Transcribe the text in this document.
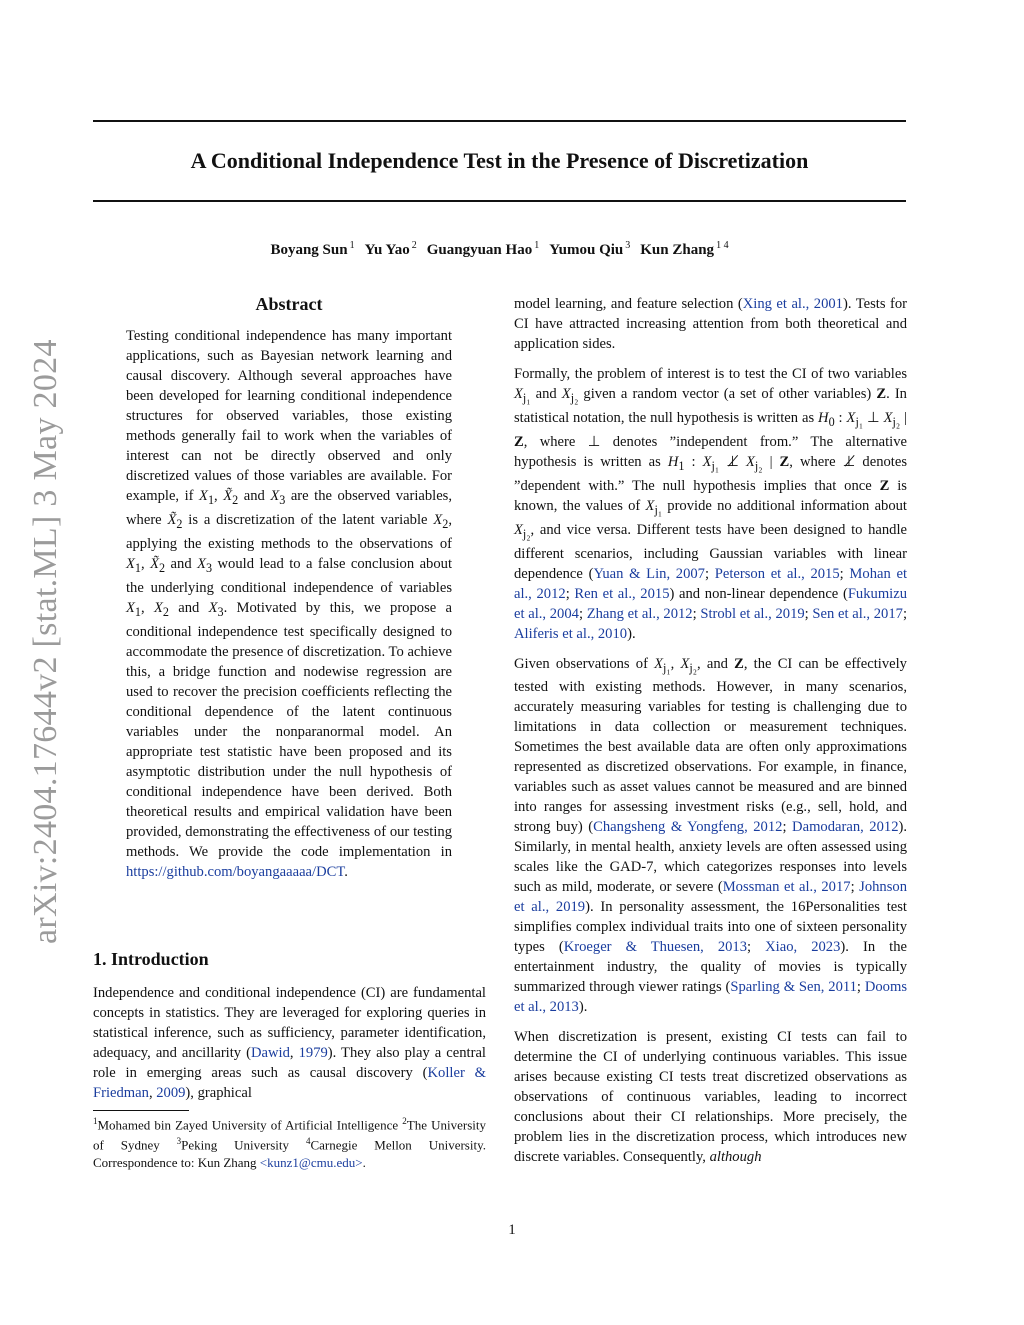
arXiv:2404.17644v2 [stat.ML] 3 May 2024
A Conditional Independence Test in the Presence of Discretization
Boyang Sun $^1$ Yu Yao $^2$ Guangyuan Hao $^1$ Yumou Qiu $^3$ Kun Zhang $^{1 4}$
Abstract

Testing conditional independence has many important applications, such as Bayesian network learning and causal discovery. Although several approaches have been developed for learning conditional independence structures for observed variables, those existing methods generally fail to work when the variables of interest can not be directly observed and only discretized values of those variables are available. For example, if $X_1$, $X̃_2$ and $X_3$ are the observed variables, where $X̃_2$ is a discretization of the latent variable $X_2$, applying the existing methods to the observations of $X_1$, $X̃_2$ and $X_3$ would lead to a false conclusion about the underlying conditional independence of variables $X_1$, $X_2$ and $X_3$. Motivated by this, we propose a conditional independence test specifically designed to accommodate the presence of discretization. To achieve this, a bridge function and nodewise regression are used to recover the precision coefficients reflecting the conditional dependence of the latent continuous variables under the nonparanormal model. An appropriate test statistic have been proposed and its asymptotic distribution under the null hypothesis of conditional independence have been derived. Both theoretical results and empirical validation have been provided, demonstrating the effectiveness of our testing methods. We provide the code implementation in https://github.com/boyangaaaaa/DCT.

1. Introduction

Independence and conditional independence (CI) are fundamental concepts in statistics. They are leveraged for exploring queries in statistical inference, such as sufficiency, parameter identification, adequacy, and ancillarity (Dawid, 1979). They also play a central role in emerging areas such as causal discovery (Koller & Friedman, 2009), graphical

$^1$Mohamed bin Zayed University of Artificial Intelligence $^2$The University of Sydney $^3$Peking University $^4$Carnegie Mellon University. Correspondence to: Kun Zhang <kunz1@cmu.edu>.

model learning, and feature selection (Xing et al., 2001). Tests for CI have attracted increasing attention from both theoretical and application sides.

Formally, the problem of interest is to test the CI of two variables $X_{j_1}$ and $X_{j_2}$ given a random vector (a set of other variables) Z. In statistical notation, the null hypothesis is written as $H_0$ : $X_{j_1}$ ⊥ $X_{j_2}$ | Z, where ⊥ denotes ”independent from.” The alternative hypothesis is written as $H_1$ : $X_{j_1}$ ⊥̸ $X_{j_2}$ | Z, where ⊥̸ denotes ”dependent with.” The null hypothesis implies that once Z is known, the values of $X_{j_1}$ provide no additional information about $X_{j_2}$, and vice versa. Different tests have been designed to handle different scenarios, including Gaussian variables with linear dependence (Yuan & Lin, 2007; Peterson et al., 2015; Mohan et al., 2012; Ren et al., 2015) and non-linear dependence (Fukumizu et al., 2004; Zhang et al., 2012; Strobl et al., 2019; Sen et al., 2017; Aliferis et al., 2010).

Given observations of $X_{j_1}$, $X_{j_2}$, and Z, the CI can be effectively tested with existing methods. However, in many scenarios, accurately measuring variables for testing is challenging due to limitations in data collection or measurement techniques. Sometimes the best available data are often only approximations represented as discretized observations. For example, in finance, variables such as asset values cannot be measured and are binned into ranges for assessing investment risks (e.g., sell, hold, and strong buy) (Changsheng & Yongfeng, 2012; Damodaran, 2012). Similarly, in mental health, anxiety levels are often assessed using scales like the GAD-7, which categorizes responses into levels such as mild, moderate, or severe (Mossman et al., 2017; Johnson et al., 2019). In personality assessment, the 16Personalities test simplifies complex individual traits into one of sixteen personality types (Kroeger & Thuesen, 2013; Xiao, 2023). In the entertainment industry, the quality of movies is typically summarized through viewer ratings (Sparling & Sen, 2011; Dooms et al., 2013).

When discretization is present, existing CI tests can fail to determine the CI of underlying continuous variables. This issue arises because existing CI tests treat discretized observations as observations of continuous variables, leading to incorrect conclusions about their CI relationships. More precisely, the problem lies in the discretization process, which introduces new discrete variables. Consequently, although

1
